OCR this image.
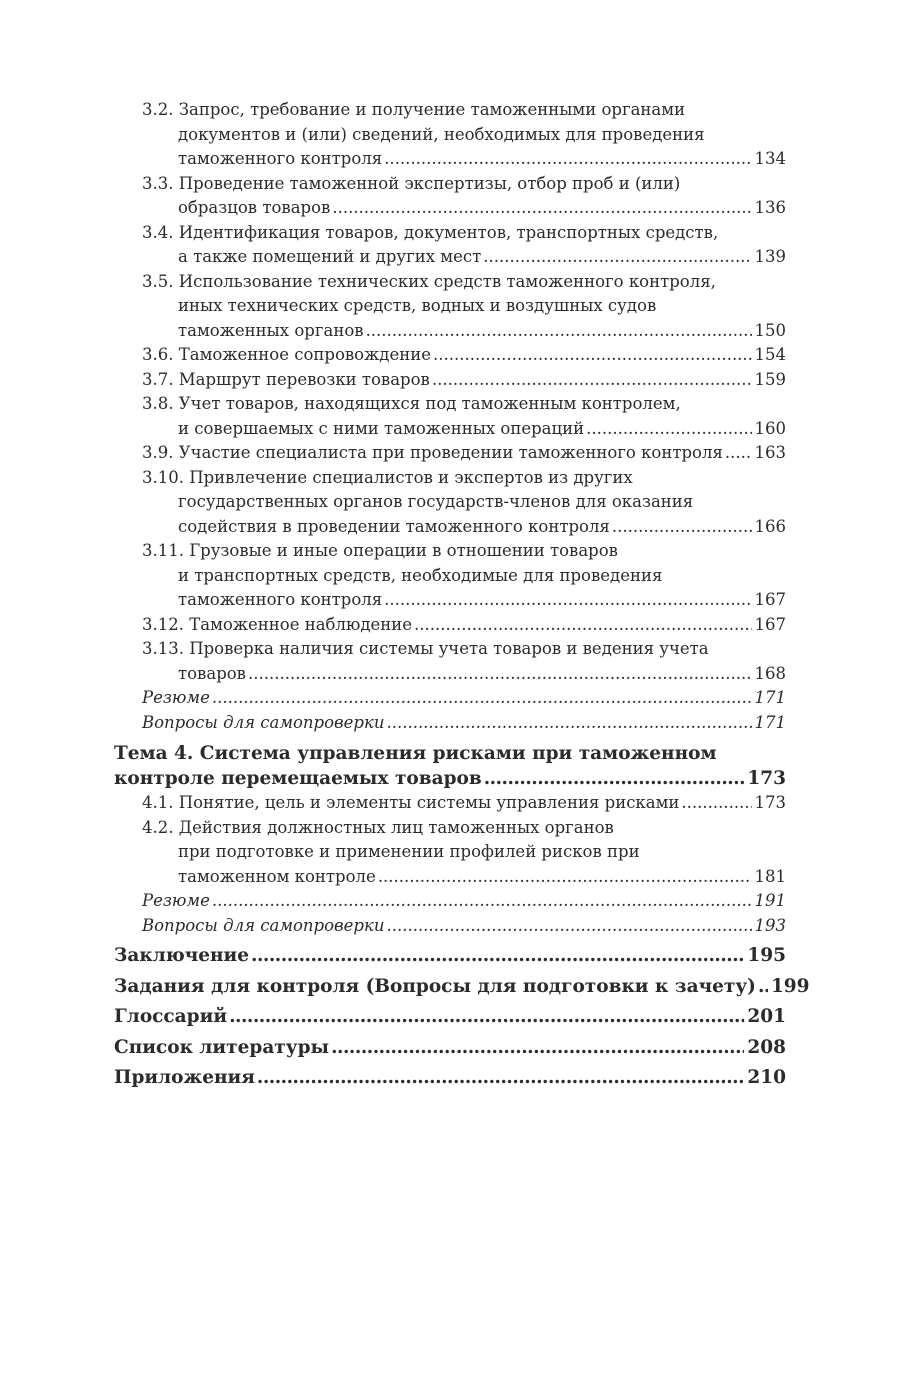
3.2. Запрос, требование и получение таможенными органами
документов и (или) сведений, необходимых для проведения
таможенного контроля .....	134
3.3. Проведение таможенной экспертизы, отбор проб и (или)
образцов товаров .....	136
3.4. Идентификация товаров, документов, транспортных средств,
а также помещений и других мест .....	139
3.5. Использование технических средств таможенного контроля,
иных технических средств, водных и воздушных судов
таможенных органов .....	150
3.6. Таможенное сопровождение .....	154
3.7. Маршрут перевозки товаров .....	159
3.8. Учет товаров, находящихся под таможенным контролем,
и совершаемых с ними таможенных операций .....	160
3.9. Участие специалиста при проведении таможенного контроля ..... 163
3.10. Привлечение специалистов и экспертов из других
государственных органов государств-членов для оказания
содействия в проведении таможенного контроля .....	166
3.11. Грузовые и иные операции в отношении товаров
и транспортных средств, необходимые для проведения
таможенного контроля .....	167
3.12. Таможенное наблюдение .....	167
3.13. Проверка наличия системы учета товаров и ведения учета
товаров .....	168
Резюме .....	171
Вопросы для самопроверки .....	171
Тема 4. Система управления рисками при таможенном
контроле перемещаемых товаров .....	173
4.1. Понятие, цель и элементы системы управления рисками .....	173
4.2. Действия должностных лиц таможенных органов
при подготовке и применении профилей рисков при
таможенном контроле .....	181
Резюме .....	191
Вопросы для самопроверки .....	193
Заключение .....	195
Задания для контроля (Вопросы для подготовки к зачету) ..... 199
Глоссарий .....	201
Список литературы .....	208
Приложения .....	210
